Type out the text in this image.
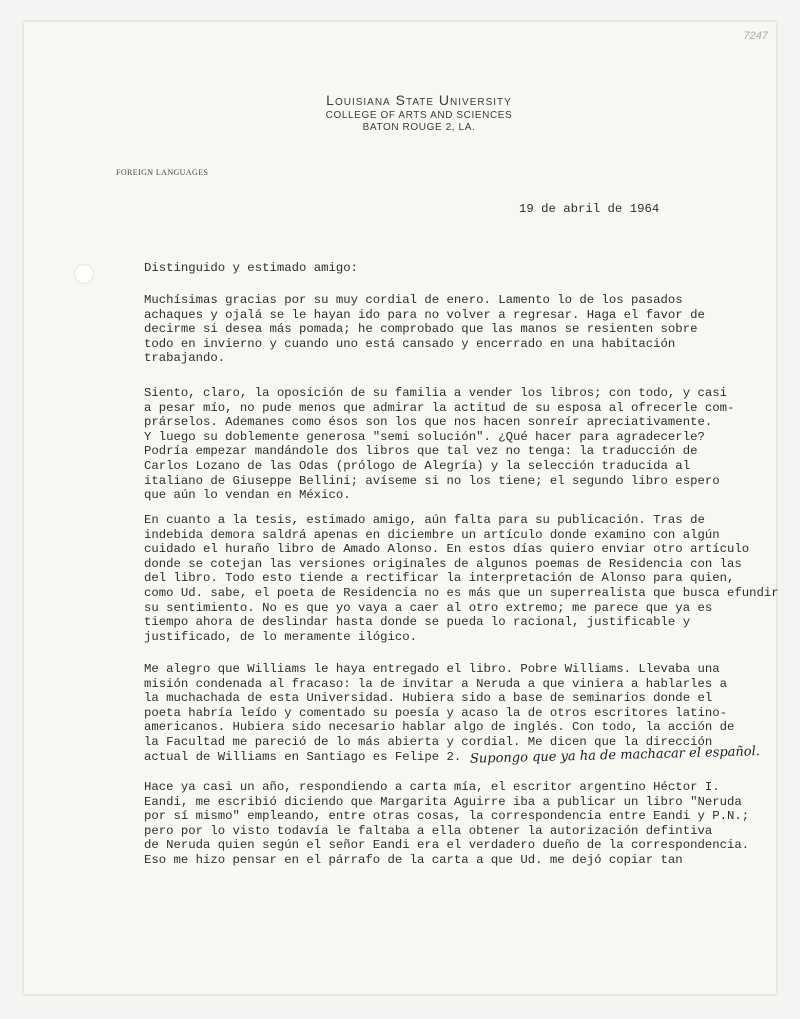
7247
Louisiana State University
COLLEGE OF ARTS AND SCIENCES
BATON ROUGE 2, LA.
FOREIGN LANGUAGES
19 de abril de 1964
Distinguido y estimado amigo:
Muchísimas gracias por su muy cordial de enero. Lamento lo de los pasados
achaques y ojalá se le hayan ido para no volver a regresar. Haga el favor de
decirme si desea más pomada; he comprobado que las manos se resienten sobre
todo en invierno y cuando uno está cansado y encerrado en una habitación
trabajando.
Siento, claro, la oposición de su familia a vender los libros; con todo, y casi
a pesar mío, no pude menos que admirar la actitud de su esposa al ofrecerle com-
prárselos. Ademanes como ésos son los que nos hacen sonreír apreciativamente.
Y luego su doblemente generosa "semi solución". ¿Qué hacer para agradecerle?
Podría empezar mandándole dos libros que tal vez no tenga: la traducción de
Carlos Lozano de las Odas (prólogo de Alegría) y la selección traducida al
italiano de Giuseppe Bellini; avíseme si no los tiene; el segundo libro espero
que aún lo vendan en México.
En cuanto a la tesis, estimado amigo, aún falta para su publicación. Tras de
indebida demora saldrá apenas en diciembre un artículo donde examino con algún
cuidado el huraño libro de Amado Alonso. En estos días quiero enviar otro artículo
donde se cotejan las versiones originales de algunos poemas de Residencia con las
del libro. Todo esto tiende a rectificar la interpretación de Alonso para quien,
como Ud. sabe, el poeta de Residencia no es más que un superrealista que busca efundir
su sentimiento. No es que yo vaya a caer al otro extremo; me parece que ya es
tiempo ahora de deslindar hasta donde se pueda lo racional, justificable y
justificado, de lo meramente ilógico.
Me alegro que Williams le haya entregado el libro. Pobre Williams. Llevaba una
misión condenada al fracaso: la de invitar a Neruda a que viniera a hablarles a
la muchachada de esta Universidad. Hubiera sido a base de seminarios donde el
poeta habría leído y comentado su poesía y acaso la de otros escritores latino-
americanos. Hubiera sido necesario hablar algo de inglés. Con todo, la acción de
la Facultad me pareció de lo más abierta y cordial. Me dicen que la dirección
actual de Williams en Santiago es Felipe 2. Supongo que ya ha de machacar el español.
Hace ya casi un año, respondiendo a carta mía, el escritor argentino Héctor I.
Eandi, me escribió diciendo que Margarita Aguirre iba a publicar un libro "Neruda
por sí mismo" empleando, entre otras cosas, la correspondencia entre Eandi y P.N.;
pero por lo visto todavía le faltaba a ella obtener la autorización defintiva
de Neruda quien según el señor Eandi era el verdadero dueño de la correspondencia.
Eso me hizo pensar en el párrafo de la carta a que Ud. me dejó copiar tan
